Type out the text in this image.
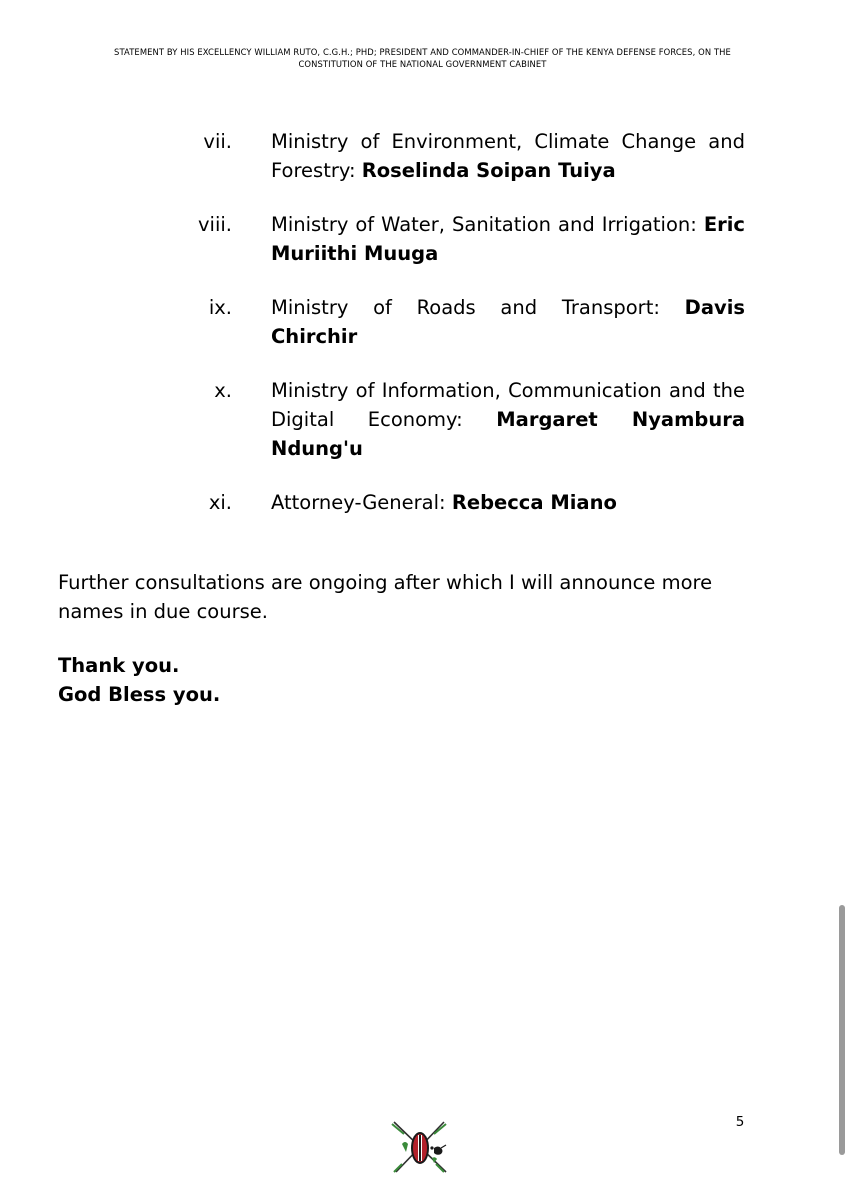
STATEMENT BY HIS EXCELLENCY WILLIAM RUTO, C.G.H.; PHD; PRESIDENT AND COMMANDER-IN-CHIEF OF THE KENYA DEFENSE FORCES, ON THE
CONSTITUTION OF THE NATIONAL GOVERNMENT CABINET
vii. Ministry of Environment, Climate Change and Forestry: Roselinda Soipan Tuiya
viii. Ministry of Water, Sanitation and Irrigation: Eric Muriithi Muuga
ix. Ministry of Roads and Transport: Davis Chirchir
x. Ministry of Information, Communication and the Digital Economy: Margaret Nyambura Ndung'u
xi. Attorney-General: Rebecca Miano
Further consultations are ongoing after which I will announce more names in due course.
Thank you.
God Bless you.
5
